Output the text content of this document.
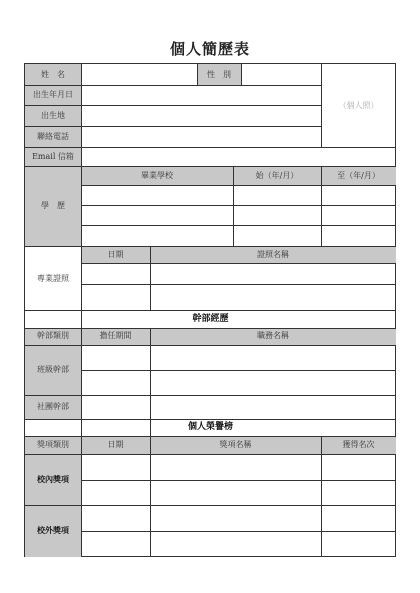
個人簡歷表
姓　名	性　別
出生年月日
出生地
聯絡電話
Email 信箱
（個人照）
學　歷
畢業學校	始（年/月）	至（年/月）
專業證照
日期	證照名稱
幹部經歷
幹部類別	擔任期間	職務名稱
班級幹部
社團幹部
個人榮譽榜
獎項類別	日期	獎項名稱	獲得名次
校內獎項
校外獎項
